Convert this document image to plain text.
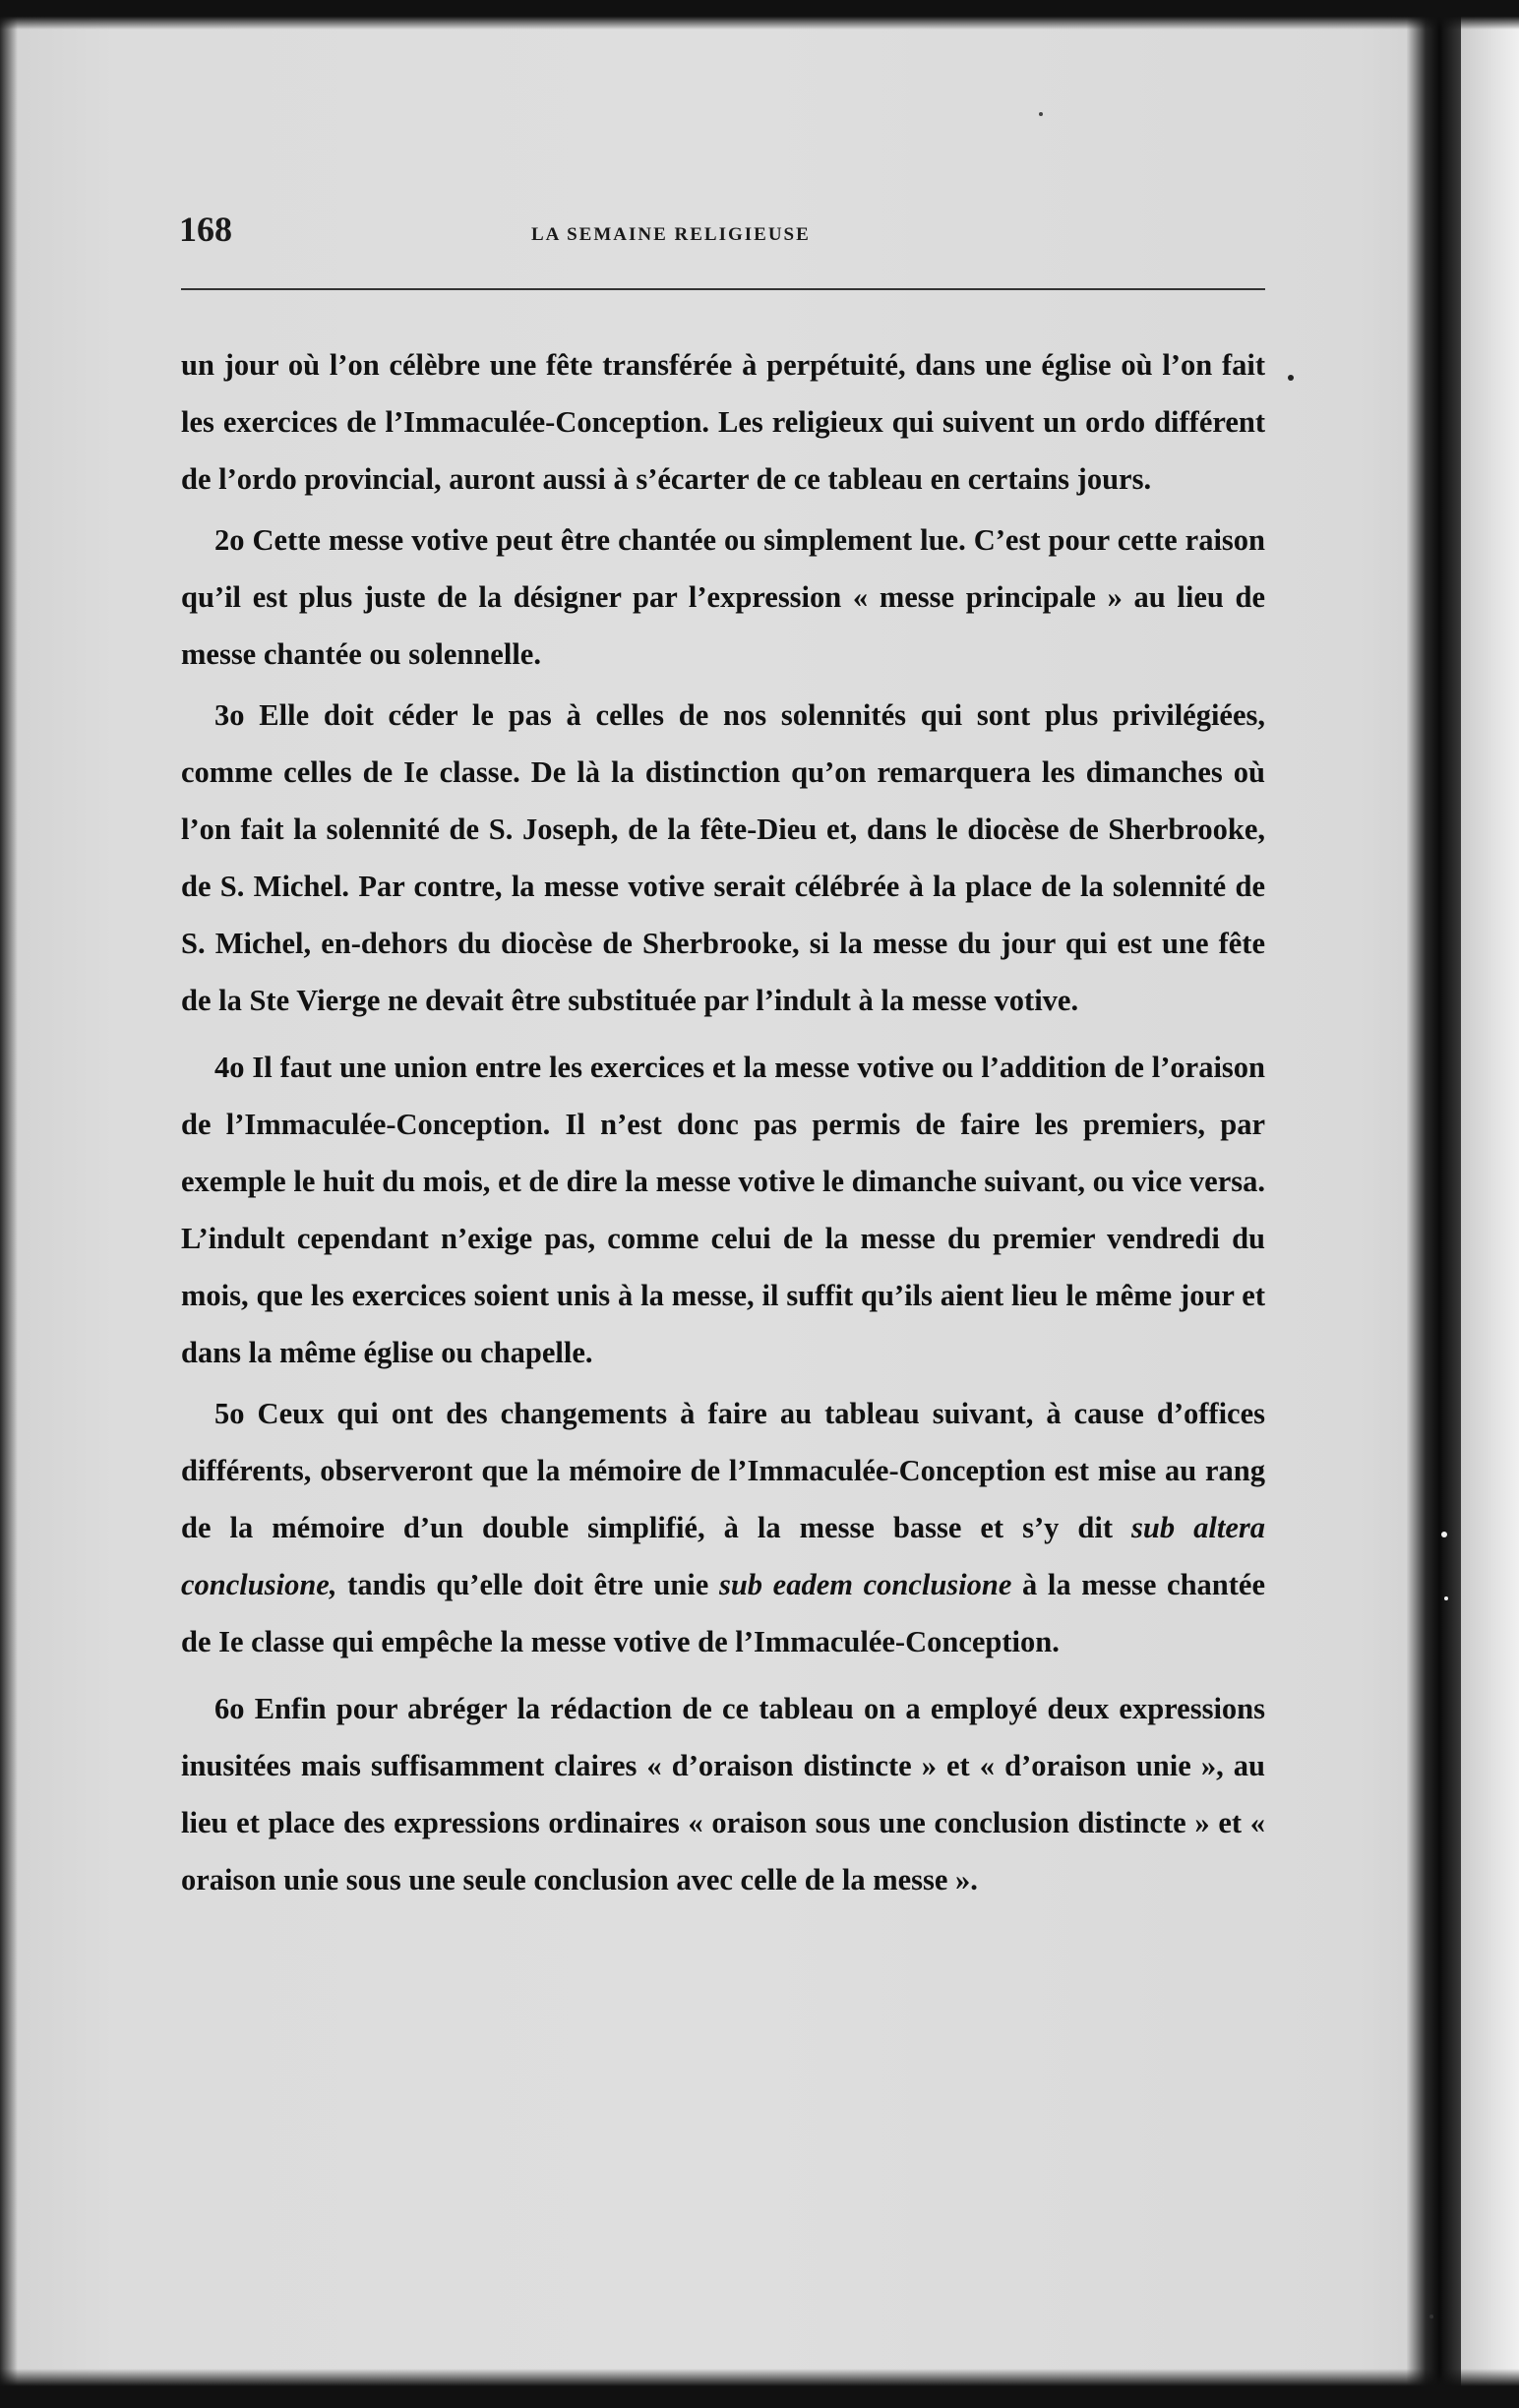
168	LA SEMAINE RELIGIEUSE

un jour où l’on célèbre une fête transférée à perpétuité, dans une église où l’on fait les exercices de l’Immaculée-Conception. Les religieux qui suivent un ordo différent de l’ordo provincial, auront aussi à s’écarter de ce tableau en certains jours.

2o Cette messe votive peut être chantée ou simplement lue. C’est pour cette raison qu’il est plus juste de la désigner par l’expression « messe principale » au lieu de messe chantée ou solennelle.

3o Elle doit céder le pas à celles de nos solennités qui sont plus privilégiées, comme celles de Ie classe. De là la distinction qu’on remarquera les dimanches où l’on fait la solennité de S. Joseph, de la fête-Dieu et, dans le diocèse de Sherbrooke, de S. Michel. Par contre, la messe votive serait célébrée à la place de la solennité de S. Michel, en-dehors du diocèse de Sherbrooke, si la messe du jour qui est une fête de la Ste Vierge ne devait être substituée par l’indult à la messe votive.

4o Il faut une union entre les exercices et la messe votive ou l’addition de l’oraison de l’Immaculée-Conception. Il n’est donc pas permis de faire les premiers, par exemple le huit du mois, et de dire la messe votive le dimanche suivant, ou vice versa. L’indult cependant n’exige pas, comme celui de la messe du premier vendredi du mois, que les exercices soient unis à la messe, il suffit qu’ils aient lieu le même jour et dans la même église ou chapelle.

5o Ceux qui ont des changements à faire au tableau suivant, à cause d’offices différents, observeront que la mémoire de l’Immaculée-Conception est mise au rang de la mémoire d’un double simplifié, à la messe basse et s’y dit sub altera conclusione, tandis qu’elle doit être unie sub eadem conclusione à la messe chantée de Ie classe qui empêche la messe votive de l’Immaculée-Conception.

6o Enfin pour abréger la rédaction de ce tableau on a employé deux expressions inusitées mais suffisamment claires « d’oraison distincte » et « d’oraison unie », au lieu et place des expressions ordinaires « oraison sous une conclusion distincte » et « oraison unie sous une seule conclusion avec celle de la messe ».
